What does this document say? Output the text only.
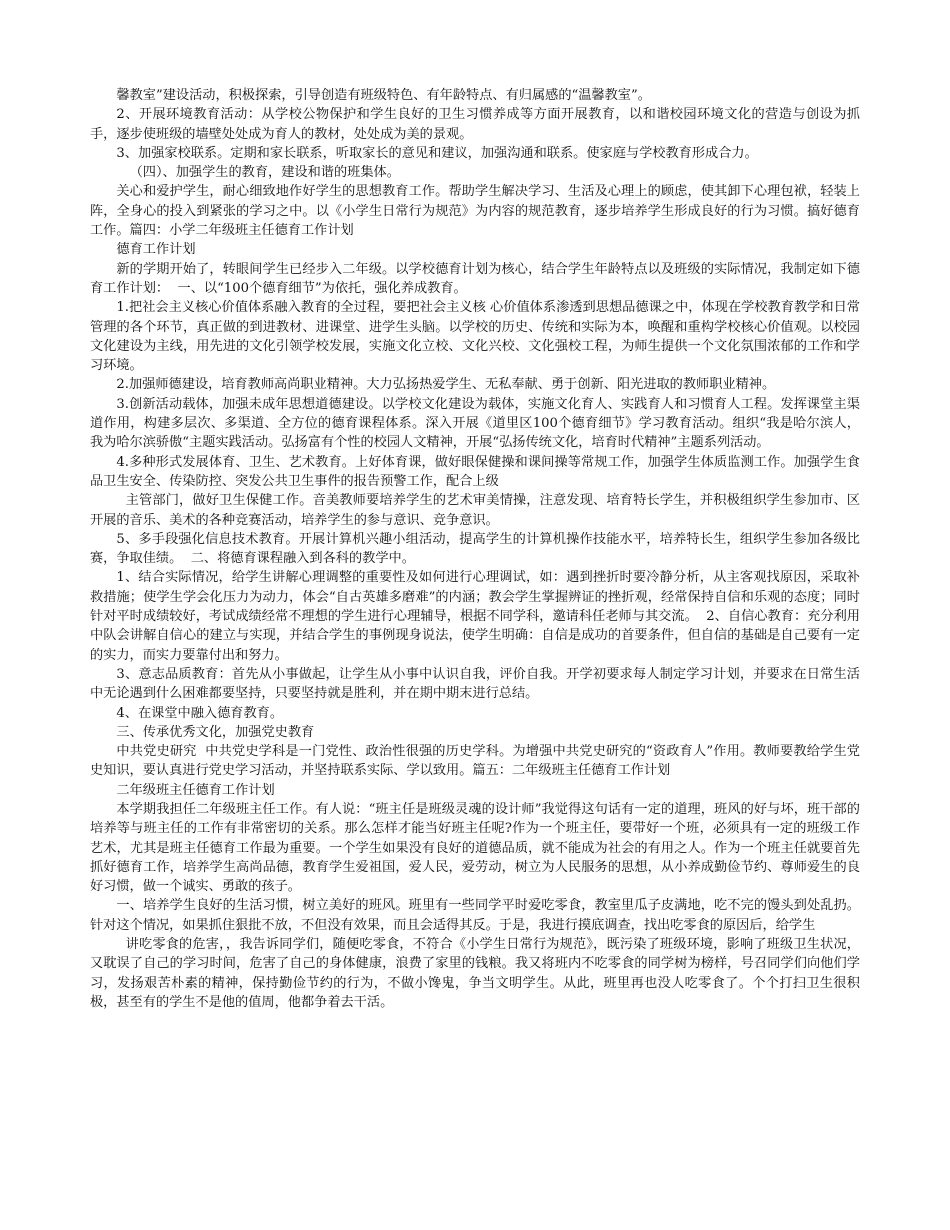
馨教室”建设活动，积极探索，引导创造有班级特色、有年龄特点、有归属感的“温馨教室”。

2、开展环境教育活动：从学校公物保护和学生良好的卫生习惯养成等方面开展教育，以和谐校园环境文化的营造与创设为抓手，逐步使班级的墙壁处处成为育人的教材，处处成为美的景观。

3、加强家校联系。定期和家长联系，听取家长的意见和建议，加强沟通和联系。使家庭与学校教育形成合力。

（四）、加强学生的教育，建设和谐的班集体。

关心和爱护学生，耐心细致地作好学生的思想教育工作。帮助学生解决学习、生活及心理上的顾虑，使其卸下心理包袱，轻装上阵，全身心的投入到紧张的学习之中。以《小学生日常行为规范》为内容的规范教育，逐步培养学生形成良好的行为习惯。搞好德育工作。篇四：小学二年级班主任德育工作计划

德育工作计划

新的学期开始了，转眼间学生已经步入二年级。以学校德育计划为核心，结合学生年龄特点以及班级的实际情况，我制定如下德育工作计划：  一、以“100个德育细节”为依托，强化养成教育。

1.把社会主义核心价值体系融入教育的全过程，要把社会主义核 心价值体系渗透到思想品德课之中，体现在学校教育教学和日常管理的各个环节，真正做的到进教材、进课堂、进学生头脑。以学校的历史、传统和实际为本，唤醒和重构学校核心价值观。以校园文化建设为主线，用先进的文化引领学校发展，实施文化立校、文化兴校、文化强校工程，为师生提供一个文化氛围浓郁的工作和学习环境。

2.加强师德建设，培育教师高尚职业精神。大力弘扬热爱学生、无私奉献、勇于创新、阳光进取的教师职业精神。

3.创新活动载体，加强未成年思想道德建设。以学校文化建设为载体，实施文化育人、实践育人和习惯育人工程。发挥课堂主渠道作用，构建多层次、多渠道、全方位的德育课程体系。深入开展《道里区100个德育细节》学习教育活动。组织“我是哈尔滨人，我为哈尔滨骄傲“主题实践活动。弘扬富有个性的校园人文精神，开展“弘扬传统文化，培育时代精神”主题系列活动。

4.多种形式发展体育、卫生、艺术教育。上好体育课，做好眼保健操和课间操等常规工作，加强学生体质监测工作。加强学生食品卫生安全、传染防控、突发公共卫生事件的报告预警工作，配合上级

主管部门，做好卫生保健工作。音美教师要培养学生的艺术审美情操，注意发现、培育特长学生，并积极组织学生参加市、区开展的音乐、美术的各种竞赛活动，培养学生的参与意识、竞争意识。

5、多手段强化信息技术教育。开展计算机兴趣小组活动，提高学生的计算机操作技能水平，培养特长生，组织学生参加各级比赛，争取佳绩。  二、将德育课程融入到各科的教学中。

1、结合实际情况，给学生讲解心理调整的重要性及如何进行心理调试，如：遇到挫折时要冷静分析，从主客观找原因，采取补救措施；使学生学会化压力为动力，体会“自古英雄多磨难”的内涵；教会学生掌握辨证的挫折观，经常保持自信和乐观的态度；同时针对平时成绩较好，考试成绩经常不理想的学生进行心理辅导，根据不同学科，邀请科任老师与其交流。  2、自信心教育：充分利用中队会讲解自信心的建立与实现，并结合学生的事例现身说法，使学生明确：自信是成功的首要条件，但自信的基础是自己要有一定的实力，而实力要靠付出和努力。

3、意志品质教育：首先从小事做起，让学生从小事中认识自我，评价自我。开学初要求每人制定学习计划，并要求在日常生活中无论遇到什么困难都要坚持，只要坚持就是胜利，并在期中期末进行总结。

4、在课堂中融入德育教育。

三、传承优秀文化，加强党史教育

中共党史研究  中共党史学科是一门党性、政治性很强的历史学科。为增强中共党史研究的“资政育人”作用。教师要教给学生党史知识，要认真进行党史学习活动，并坚持联系实际、学以致用。篇五：二年级班主任德育工作计划

二年级班主任德育工作计划

本学期我担任二年级班主任工作。有人说：“班主任是班级灵魂的设计师”我觉得这句话有一定的道理，班风的好与坏，班干部的培养等与班主任的工作有非常密切的关系。那么怎样才能当好班主任呢?作为一个班主任，要带好一个班，必须具有一定的班级工作艺术，尤其是班主任德育工作最为重要。一个学生如果没有良好的道德品质，就不能成为社会的有用之人。作为一个班主任就要首先抓好德育工作，培养学生高尚品德，教育学生爱祖国，爱人民，爱劳动，树立为人民服务的思想，从小养成勤俭节约、尊师爱生的良好习惯，做一个诚实、勇敢的孩子。

一、培养学生良好的生活习惯，树立美好的班风。班里有一些同学平时爱吃零食，教室里瓜子皮满地，吃不完的馒头到处乱扔。针对这个情况，如果抓住狠批不放，不但没有效果，而且会适得其反。于是，我进行摸底调查，找出吃零食的原因后，给学生

讲吃零食的危害，，我告诉同学们，随便吃零食，不符合《小学生日常行为规范》，既污染了班级环境，影响了班级卫生状况，又耽误了自己的学习时间，危害了自己的身体健康，浪费了家里的钱粮。我又将班内不吃零食的同学树为榜样，号召同学们向他们学习，发扬艰苦朴素的精神，保持勤俭节约的行为，不做小馋鬼，争当文明学生。从此，班里再也没人吃零食了。个个打扫卫生很积极，甚至有的学生不是他的值周，他都争着去干活。
